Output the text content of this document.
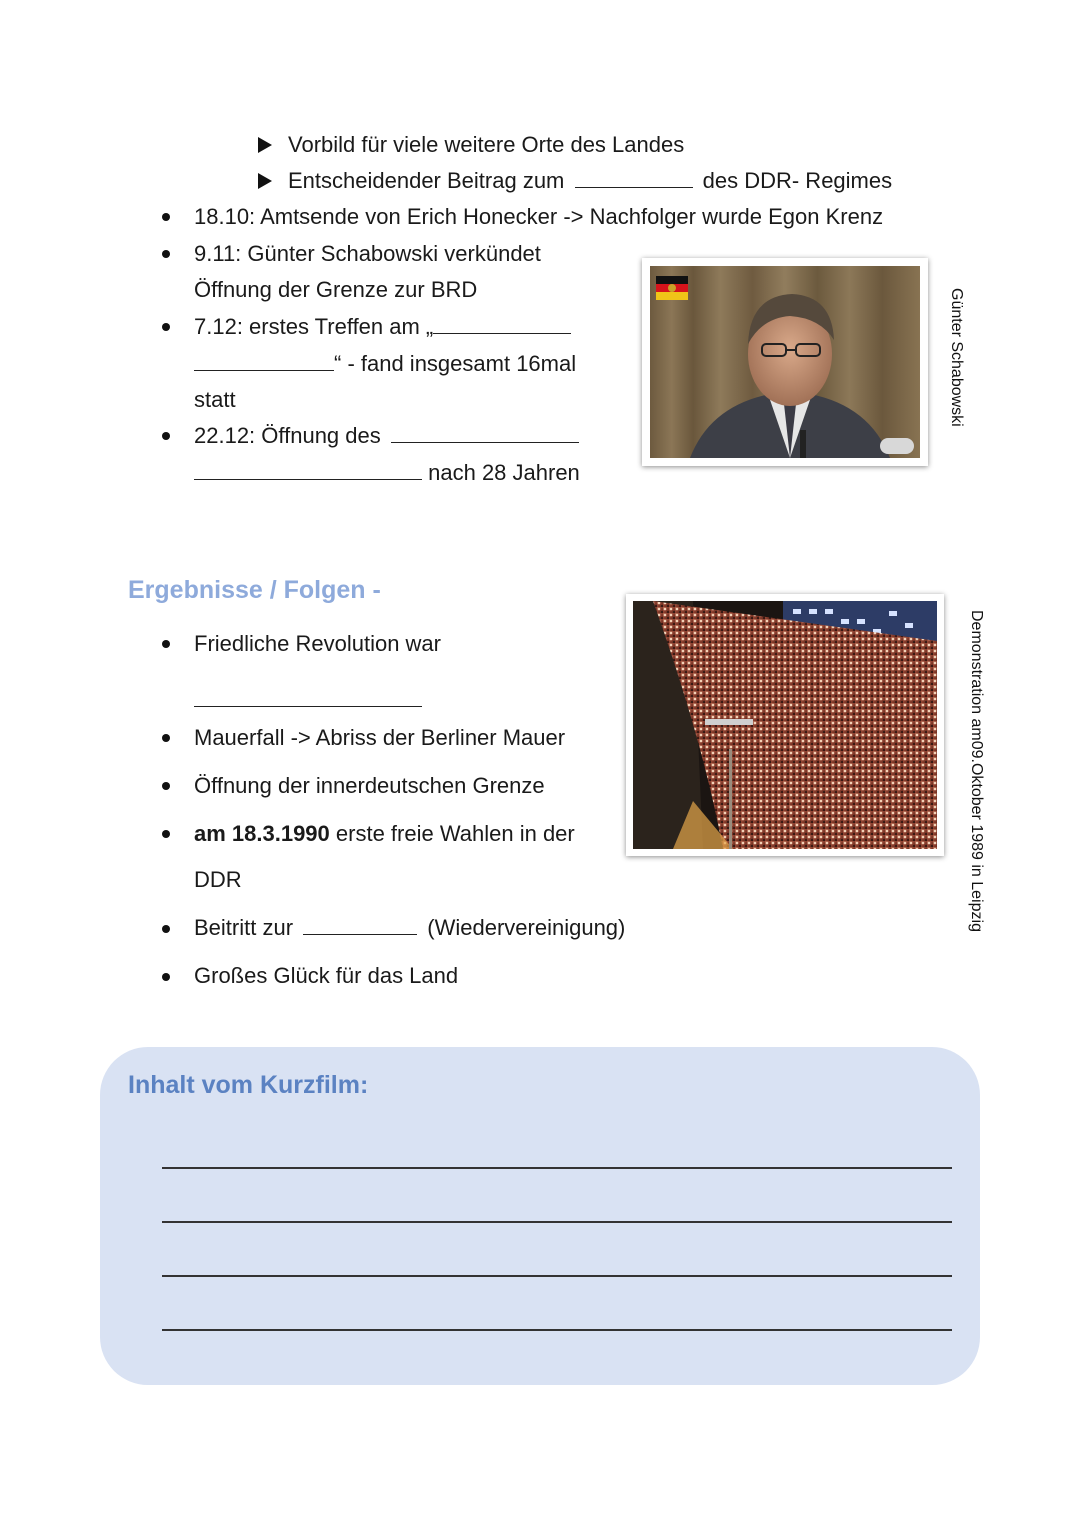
Vorbild für viele weitere Orte des Landes
Entscheidender Beitrag zum	des DDR- Regimes
18.10: Amtsende von Erich Honecker -> Nachfolger wurde Egon Krenz
9.11: Günter Schabowski verkündet
Öffnung der Grenze zur BRD
7.12: erstes Treffen am „
“ - fand insgesamt 16mal
statt
22.12: Öffnung des
nach 28 Jahren
Günter Schabowski
Ergebnisse / Folgen -
Friedliche Revolution war
Mauerfall -> Abriss der Berliner Mauer
Öffnung der innerdeutschen Grenze
am 18.3.1990 erste freie Wahlen in der
DDR
Beitritt zur	(Wiedervereinigung)
Großes Glück für das Land
Demonstration am09.Oktober 1989 in Leipzig
Inhalt vom Kurzfilm:
